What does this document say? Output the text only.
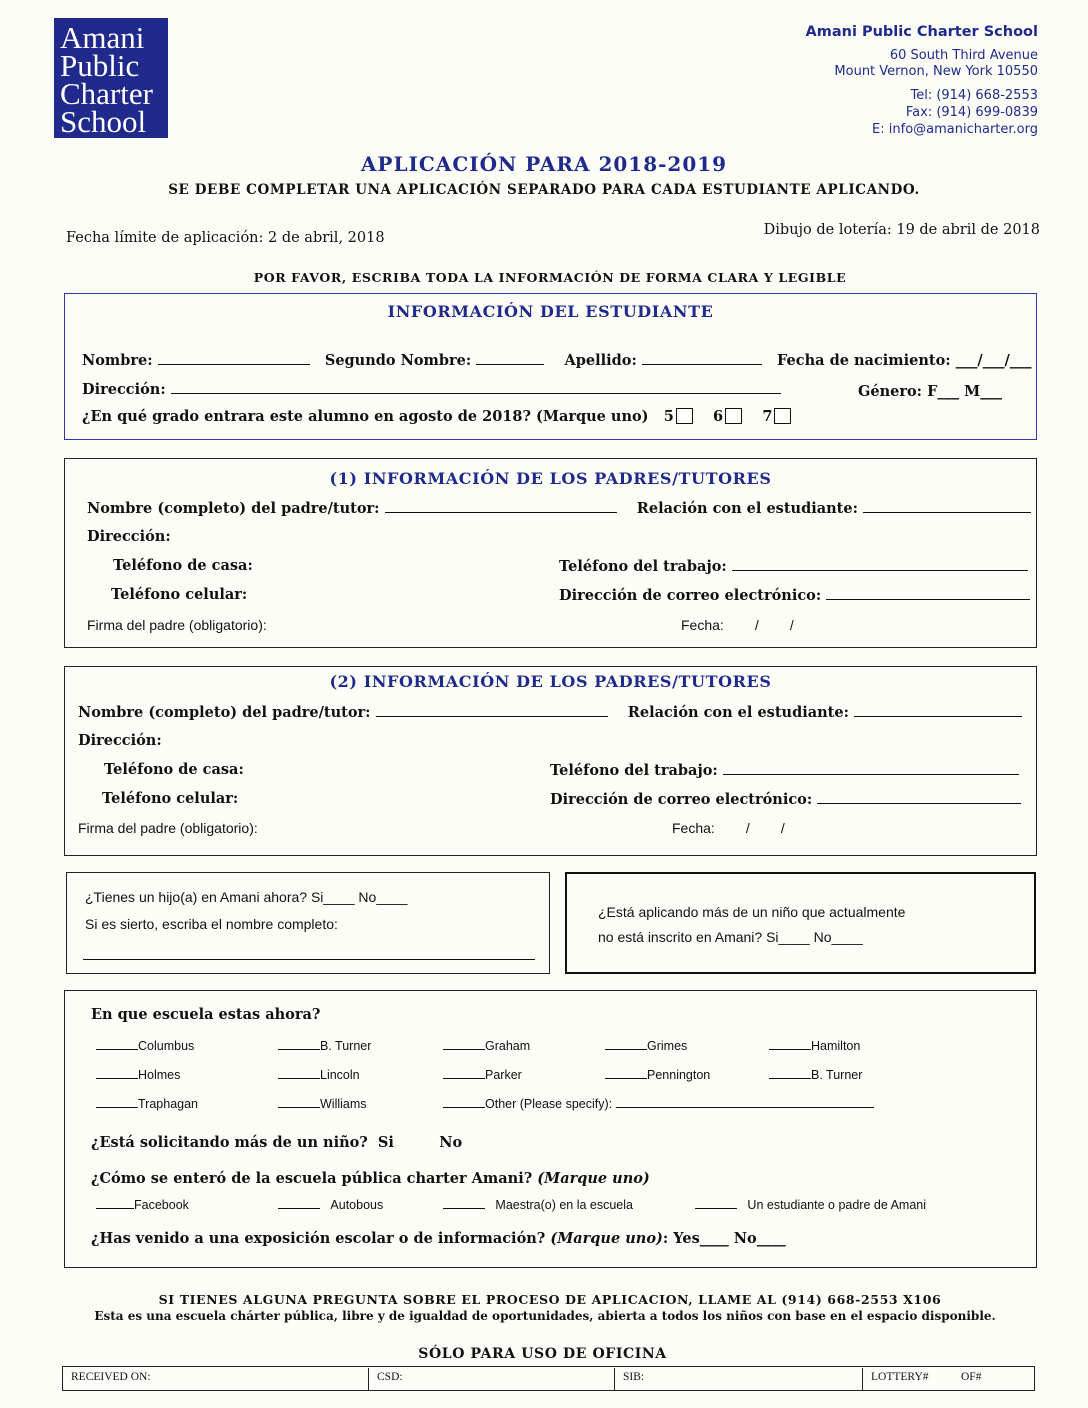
Amani
Public
Charter
School
Amani Public Charter School
60 South Third Avenue
Mount Vernon, New York 10550
Tel: (914) 668-2553
Fax: (914) 699-0839
E: info@amanicharter.org
APLICACIÓN PARA 2018-2019
SE DEBE COMPLETAR UNA APLICACIÓN SEPARADO PARA CADA ESTUDIANTE APLICANDO.
Fecha límite de aplicación: 2 de abril, 2018	Dibujo de lotería: 19 de abril de 2018
POR FAVOR, ESCRIBA TODA LA INFORMACIÓN DE FORMA CLARA Y LEGIBLE
INFORMACIÓN DEL ESTUDIANTE
Nombre:	Segundo Nombre:	Apellido:	Fecha de nacimiento: ___/___/___
Dirección:	Género: F___ M___
¿En qué grado entrara este alumno en agosto de 2018? (Marque uno) 5	6	7
(1) INFORMACIÓN DE LOS PADRES/TUTORES
Nombre (completo) del padre/tutor:	Relación con el estudiante:
Dirección:
Teléfono de casa:	Teléfono del trabajo:
Teléfono celular:	Dirección de correo electrónico:
Firma del padre (obligatorio):	Fecha:        /        /
(2) INFORMACIÓN DE LOS PADRES/TUTORES
Nombre (completo) del padre/tutor:	Relación con el estudiante:
Dirección:
Teléfono de casa:	Teléfono del trabajo:
Teléfono celular:	Dirección de correo electrónico:
Firma del padre (obligatorio):	Fecha:        /        /
¿Tienes un hijo(a) en Amani ahora? Si____ No____
Si es sierto, escriba el nombre completo:
¿Está aplicando más de un niño que actualmente
no está inscrito en Amani? Si____ No____
En que escuela estas ahora?
Columbus	B. Turner	Graham	Grimes	Hamilton
Holmes	Lincoln	Parker	Pennington	B. Turner
Traphagan	Williams	Other (Please specify):
¿Está solicitando más de un niño?  Si         No
¿Cómo se enteró de la escuela pública charter Amani? (Marque uno)
Facebook	Autobous	Maestra(o) en la escuela	Un estudiante o padre de Amani
¿Has venido a una exposición escolar o de información? (Marque uno): Yes____ No____
SI TIENES ALGUNA PREGUNTA SOBRE EL PROCESO DE APLICACION, LLAME AL (914) 668-2553 X106
Esta es una escuela chárter pública, libre y de igualdad de oportunidades, abierta a todos los niños con base en el espacio disponible.
SÓLO PARA USO DE OFICINA
RECEIVED ON:	CSD:	SIB:	LOTTERY#	OF#
